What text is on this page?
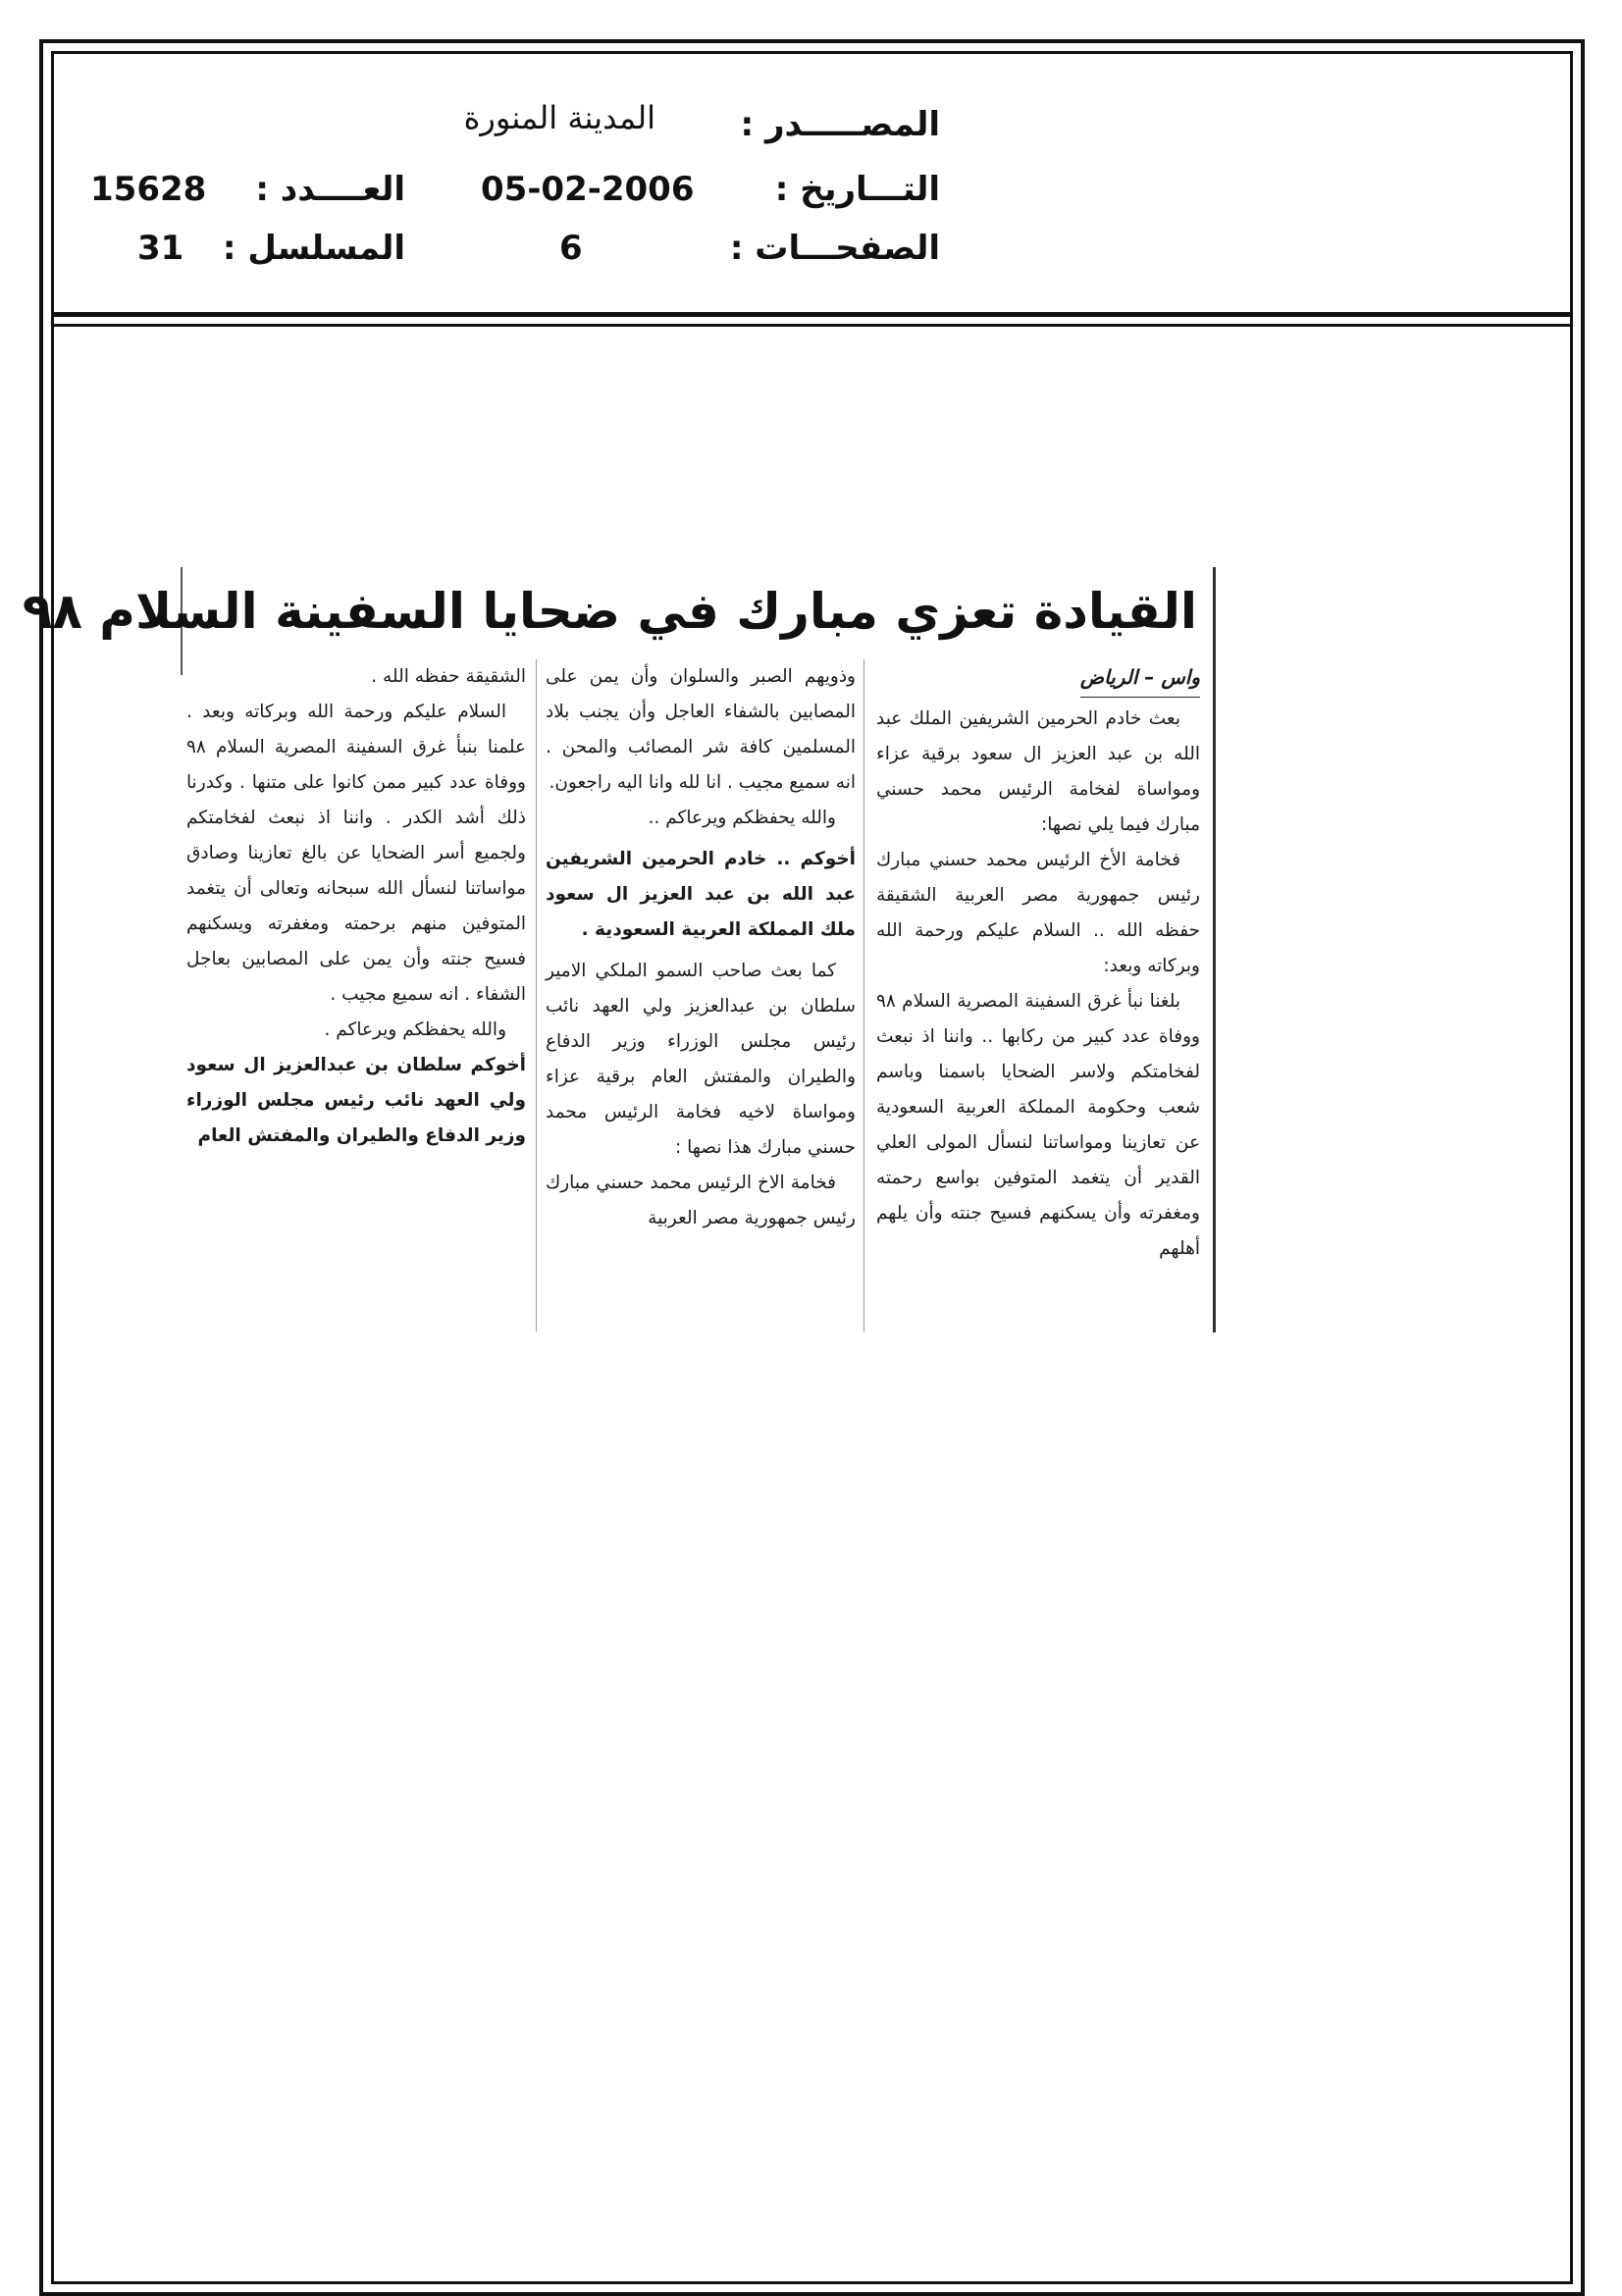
المصـــــدر :
المدينة المنورة
التـــاريخ :
05-02-2006
العــــدد :
15628
الصفحـــات :
6
المسلسل :
31
القيادة تعزي مبارك في ضحايا السفينة السلام ٩٨
واس – الرياض

بعث خادم الحرمين الشريفين الملك عبد الله بن عبد العزيز ال سعود برقية عزاء ومواساة لفخامة الرئيس محمد حسني مبارك فيما يلي نصها:

فخامة الأخ الرئيس محمد حسني مبارك رئيس جمهورية مصر العربية الشقيقة حفظه الله .. السلام عليكم ورحمة الله وبركاته وبعد:

بلغنا نبأ غرق السفينة المصرية السلام ٩٨ ووفاة عدد كبير من ركابها .. واننا اذ نبعث لفخامتكم ولاسر الضحايا باسمنا وباسم شعب وحكومة المملكة العربية السعودية عن تعازينا ومواساتنا لنسأل المولى العلي القدير أن يتغمد المتوفين بواسع رحمته ومغفرته وأن يسكنهم فسيح جنته وأن يلهم أهلهم

وذويهم الصبر والسلوان وأن يمن على المصابين بالشفاء العاجل وأن يجنب بلاد المسلمين كافة شر المصائب والمحن . انه سميع مجيب . انا لله وانا اليه راجعون.

والله يحفظكم ويرعاكم ..

أخوكم .. خادم الحرمين الشريفين عبد الله بن عبد العزيز ال سعود ملك المملكة العربية السعودية .

كما بعث صاحب السمو الملكي الامير سلطان بن عبدالعزيز ولي العهد نائب رئيس مجلس الوزراء وزير الدفاع والطيران والمفتش العام برقية عزاء ومواساة لاخيه فخامة الرئيس محمد حسني مبارك هذا نصها :

فخامة الاخ الرئيس محمد حسني مبارك رئيس جمهورية مصر العربية

الشقيقة حفظه الله .

السلام عليكم ورحمة الله وبركاته وبعد . علمنا بنبأ غرق السفينة المصرية السلام ٩٨ ووفاة عدد كبير ممن كانوا على متنها . وكدرنا ذلك أشد الكدر . واننا اذ نبعث لفخامتكم ولجميع أسر الضحايا عن بالغ تعازينا وصادق مواساتنا لنسأل الله سبحانه وتعالى أن يتغمد المتوفين منهم برحمته ومغفرته ويسكنهم فسيح جنته وأن يمن على المصابين بعاجل الشفاء . انه سميع مجيب .

والله يحفظكم ويرعاكم .

أخوكم سلطان بن عبدالعزيز ال سعود ولي العهد نائب رئيس مجلس الوزراء وزير الدفاع والطيران والمفتش العام
